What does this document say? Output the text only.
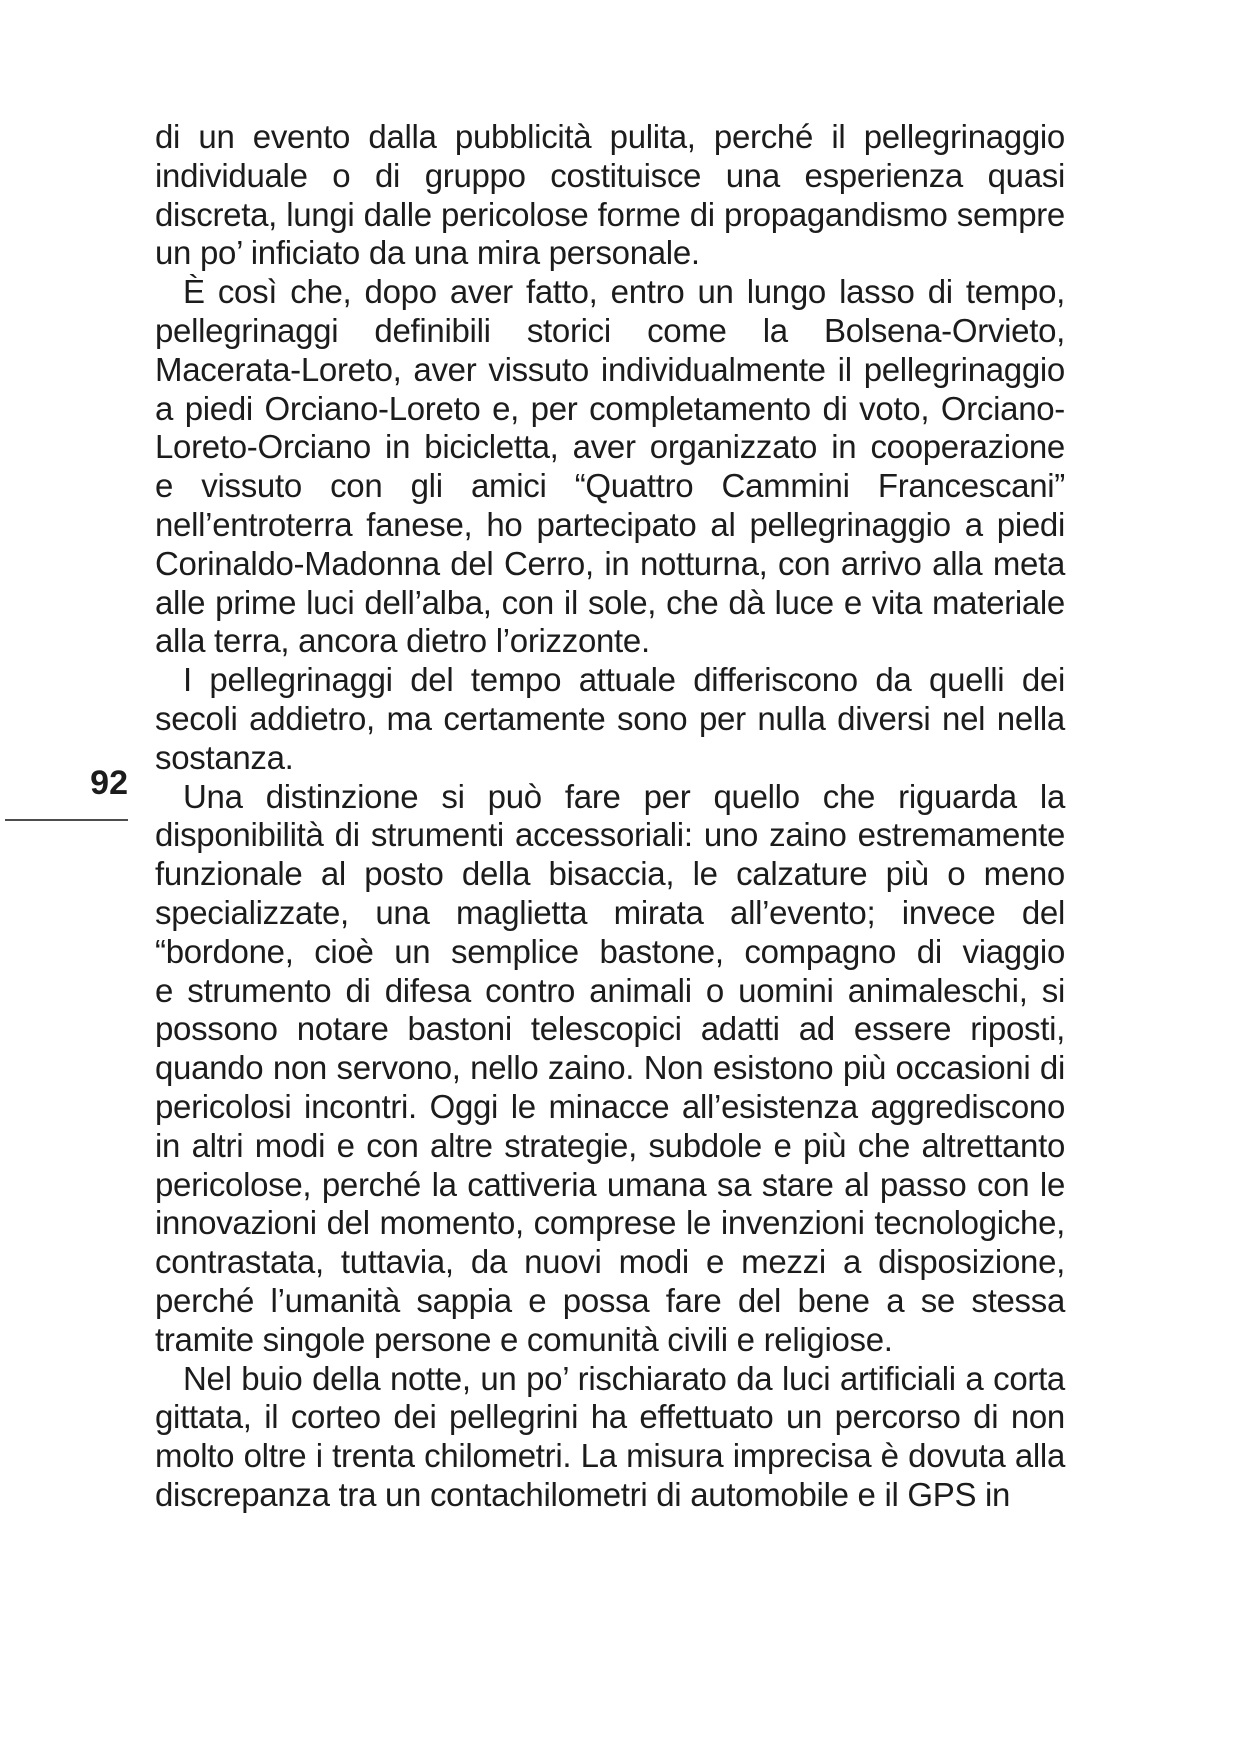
92
di un evento dalla pubblicità pulita, perché il pellegrinaggio
individuale o di gruppo costituisce una esperienza quasi
discreta, lungi dalle pericolose forme di propagandismo sempre
un po’ inficiato da una mira personale.
È così che, dopo aver fatto, entro un lungo lasso di tempo,
pellegrinaggi definibili storici come la Bolsena-Orvieto,
Macerata-Loreto, aver vissuto individualmente il pellegrinaggio
a piedi Orciano-Loreto e, per completamento di voto, Orciano-
Loreto-Orciano in bicicletta, aver organizzato in cooperazione
e vissuto con gli amici “Quattro Cammini Francescani”
nell’entroterra fanese, ho partecipato al pellegrinaggio a piedi
Corinaldo-Madonna del Cerro, in notturna, con arrivo alla meta
alle prime luci dell’alba, con il sole, che dà luce e vita materiale
alla terra, ancora dietro l’orizzonte.
I pellegrinaggi del tempo attuale differiscono da quelli dei
secoli addietro, ma certamente sono per nulla diversi nel nella
sostanza.
Una distinzione si può fare per quello che riguarda la
disponibilità di strumenti accessoriali: uno zaino estremamente
funzionale al posto della bisaccia, le calzature più o meno
specializzate, una maglietta mirata all’evento; invece del
“bordone, cioè un semplice bastone, compagno di viaggio
e strumento di difesa contro animali o uomini animaleschi, si
possono notare bastoni telescopici adatti ad essere riposti,
quando non servono, nello zaino. Non esistono più occasioni di
pericolosi incontri. Oggi le minacce all’esistenza aggrediscono
in altri modi e con altre strategie, subdole e più che altrettanto
pericolose, perché la cattiveria umana sa stare al passo con le
innovazioni del momento, comprese le invenzioni tecnologiche,
contrastata, tuttavia, da nuovi modi e mezzi a disposizione,
perché l’umanità sappia e possa fare del bene a se stessa
tramite singole persone e comunità civili e religiose.
Nel buio della notte, un po’ rischiarato da luci artificiali a corta
gittata, il corteo dei pellegrini ha effettuato un percorso di non
molto oltre i trenta chilometri. La misura imprecisa è dovuta alla
discrepanza tra un contachilometri di automobile e il GPS in
